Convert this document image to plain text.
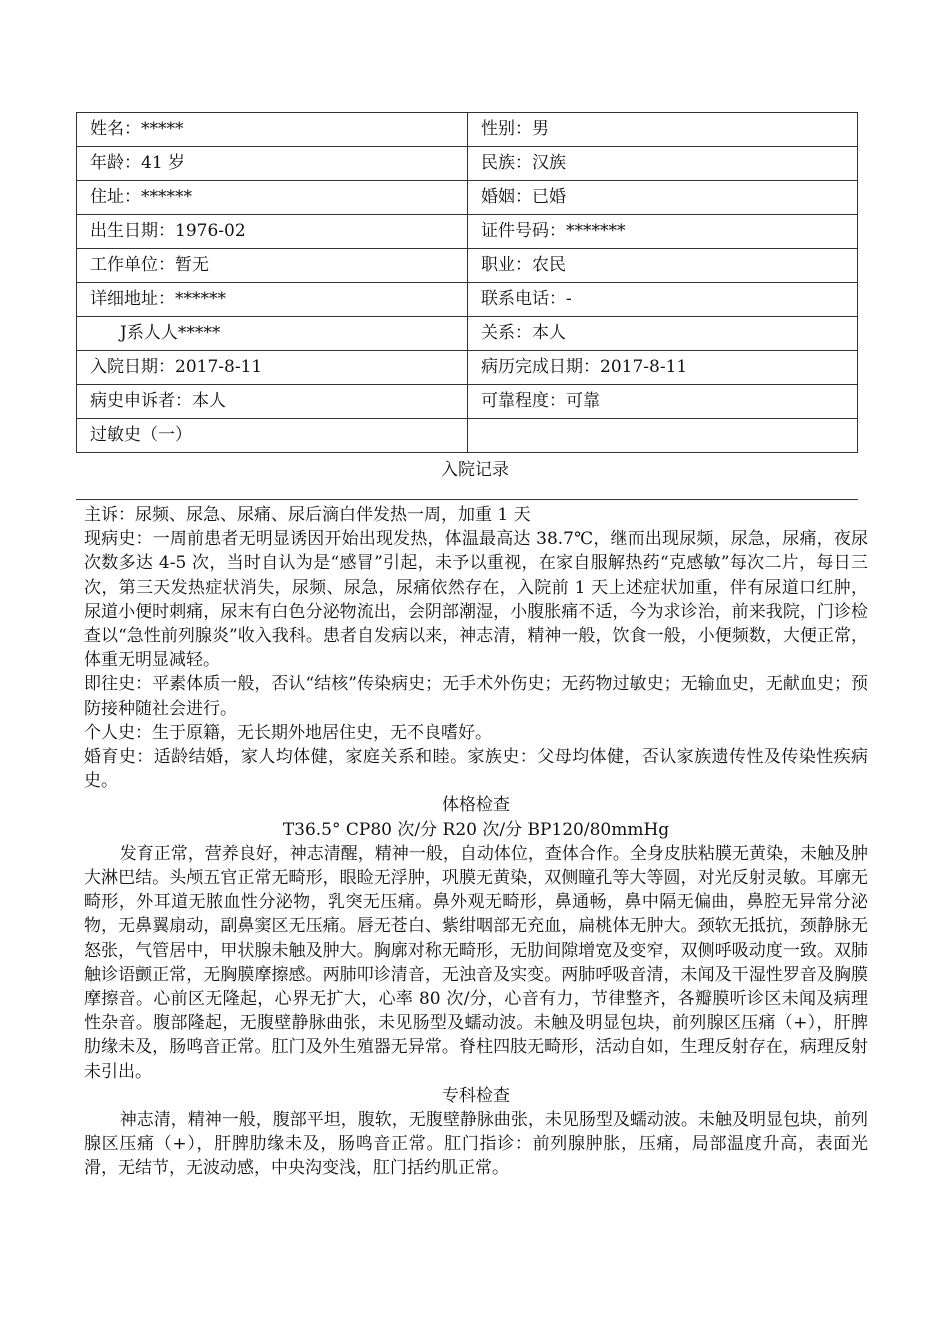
姓名：*****	性别：男
年龄：41 岁	民族：汉族
住址：******	婚姻：已婚
出生日期：1976-02	证件号码：*******
工作单位：暂无	职业：农民
详细地址：******	联系电话：-
J系人人*****	关系：本人
入院日期：2017-8-11	病历完成日期：2017-8-11
病史申诉者：本人	可靠程度：可靠
过敏史（一）	
入院记录

主诉：尿频、尿急、尿痛、尿后滴白伴发热一周，加重 1 天

现病史：一周前患者无明显诱因开始出现发热，体温最高达 38.7℃，继而出现尿频，尿急，尿痛，夜尿次数多达 4-5 次，当时自认为是“感冒”引起，未予以重视，在家自服解热药“克感敏”每次二片，每日三次，第三天发热症状消失，尿频、尿急，尿痛依然存在，入院前 1 天上述症状加重，伴有尿道口红肿，尿道小便时刺痛，尿末有白色分泌物流出，会阴部潮湿，小腹胀痛不适，今为求诊治，前来我院，门诊检查以“急性前列腺炎”收入我科。患者自发病以来，神志清，精神一般，饮食一般，小便频数，大便正常，体重无明显减轻。

即往史：平素体质一般，否认“结核”传染病史；无手术外伤史；无药物过敏史；无输血史，无献血史；预防接种随社会进行。

个人史：生于原籍，无长期外地居住史，无不良嗜好。

婚育史：适龄结婚，家人均体健，家庭关系和睦。家族史：父母均体健，否认家族遗传性及传染性疾病史。

体格检查
T36.5° CP80 次/分 R20 次/分 BP120/80mmHg

发育正常，营养良好，神志清醒，精神一般，自动体位，查体合作。全身皮肤粘膜无黄染，未触及肿大淋巴结。头颅五官正常无畸形，眼睑无浮肿，巩膜无黄染，双侧瞳孔等大等圆，对光反射灵敏。耳廓无畸形，外耳道无脓血性分泌物，乳突无压痛。鼻外观无畸形，鼻通畅，鼻中隔无偏曲，鼻腔无异常分泌物，无鼻翼扇动，副鼻窦区无压痛。唇无苍白、紫绀咽部无充血，扁桃体无肿大。颈软无抵抗，颈静脉无怒张，气管居中，甲状腺未触及肿大。胸廓对称无畸形，无肋间隙增宽及变窄，双侧呼吸动度一致。双肺触诊语颤正常，无胸膜摩擦感。两肺叩诊清音，无浊音及实变。两肺呼吸音清，未闻及干湿性罗音及胸膜摩擦音。心前区无隆起，心界无扩大，心率 80 次/分，心音有力，节律整齐，各瓣膜听诊区未闻及病理性杂音。腹部隆起，无腹壁静脉曲张，未见肠型及蠕动波。未触及明显包块，前列腺区压痛（+），肝脾肋缘未及，肠鸣音正常。肛门及外生殖器无异常。脊柱四肢无畸形，活动自如，生理反射存在，病理反射未引出。

专科检查

神志清，精神一般，腹部平坦，腹软，无腹壁静脉曲张，未见肠型及蠕动波。未触及明显包块，前列腺区压痛（+），肝脾肋缘未及，肠鸣音正常。肛门指诊：前列腺肿胀，压痛，局部温度升高，表面光滑，无结节，无波动感，中央沟变浅，肛门括约肌正常。
